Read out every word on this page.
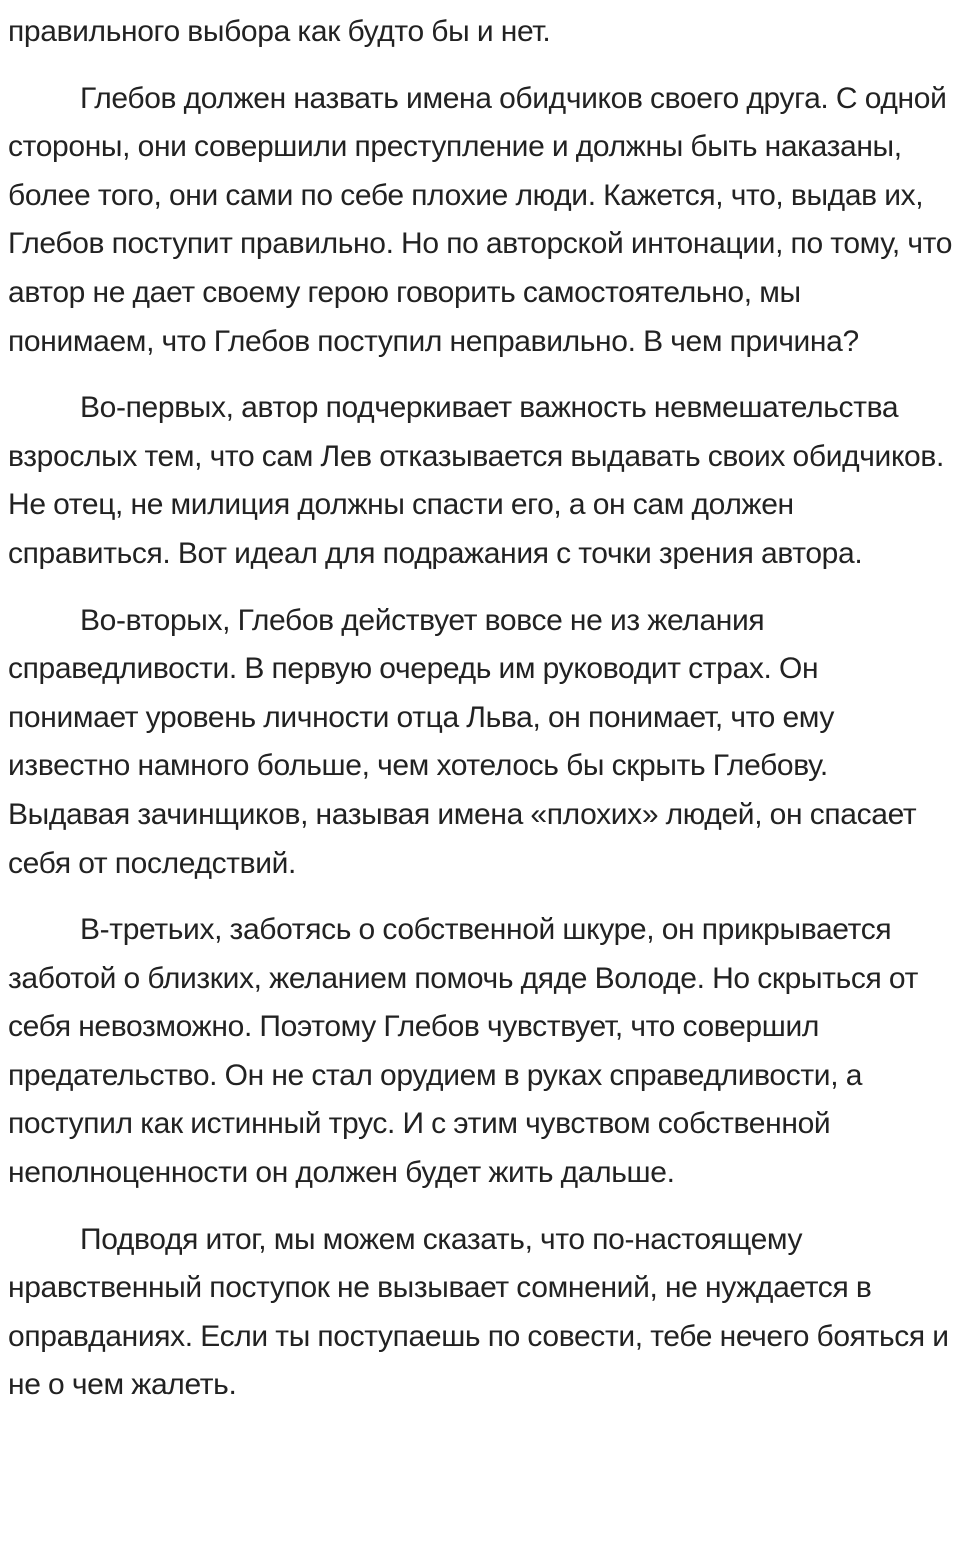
правильного выбора как будто бы и нет.

Глебов должен назвать имена обидчиков своего друга. С одной стороны, они совершили преступление и должны быть наказаны, более того, они сами по себе плохие люди. Кажется, что, выдав их, Глебов поступит правильно. Но по авторской интонации, по тому, что автор не дает своему герою говорить самостоятельно, мы понимаем, что Глебов поступил неправильно. В чем причина?

Во-первых, автор подчеркивает важность невмешательства взрослых тем, что сам Лев отказывается выдавать своих обидчиков. Не отец, не милиция должны спасти его, а он сам должен справиться. Вот идеал для подражания с точки зрения автора.

Во-вторых, Глебов действует вовсе не из желания справедливости. В первую очередь им руководит страх. Он понимает уровень личности отца Льва, он понимает, что ему известно намного больше, чем хотелось бы скрыть Глебову. Выдавая зачинщиков, называя имена «плохих» людей, он спасает себя от последствий.

В-третьих, заботясь о собственной шкуре, он прикрывается заботой о близких, желанием помочь дяде Володе. Но скрыться от себя невозможно. Поэтому Глебов чувствует, что совершил предательство. Он не стал орудием в руках справедливости, а поступил как истинный трус. И с этим чувством собственной неполноценности он должен будет жить дальше.

Подводя итог, мы можем сказать, что по-настоящему нравственный поступок не вызывает сомнений, не нуждается в оправданиях. Если ты поступаешь по совести, тебе нечего бояться и не о чем жалеть.
